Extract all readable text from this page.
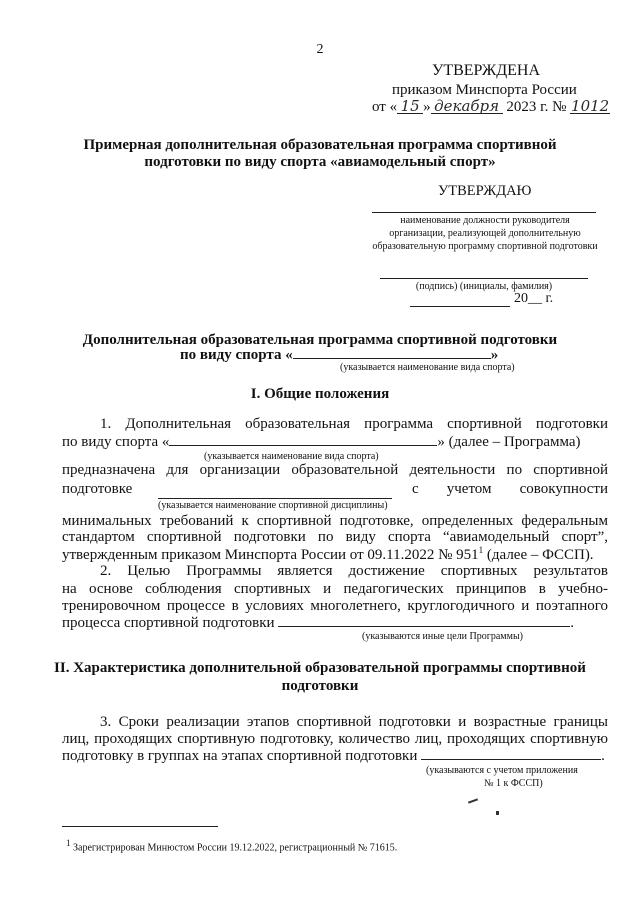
2
УТВЕРЖДЕНА
приказом Минспорта России
от « 15 » декабря 2023 г. № 1012
Примерная дополнительная образовательная программа спортивной
подготовки по виду спорта «авиамодельный спорт»
УТВЕРЖДАЮ
наименование должности руководителя
организации, реализующей дополнительную
образовательную программу спортивной подготовки
(подпись) (инициалы, фамилия)
20__ г.
Дополнительная образовательная программа спортивной подготовки
по виду спорта «	»
(указывается наименование вида спорта)
I. Общие положения
1. Дополнительная образовательная программа спортивной подготовки
по виду спорта «	» (далее – Программа)
(указывается наименование вида спорта)
предназначена для организации образовательной деятельности по спортивной
подготовке	с учетом совокупности
(указывается наименование спортивной дисциплины)
минимальных требований к спортивной подготовке, определенных федеральным
стандартом спортивной подготовки по виду спорта “авиамодельный спорт”,
утвержденным приказом Минспорта России от 09.11.2022 № $951^1$ (далее – ФССП).
2. Целью Программы является достижение спортивных результатов
на основе соблюдения спортивных и педагогических принципов в учебно-
тренировочном процессе в условиях многолетнего, круглогодичного и поэтапного
процесса спортивной подготовки	.
(указываются иные цели Программы)
II. Характеристика дополнительной образовательной программы спортивной
подготовки
3. Сроки реализации этапов спортивной подготовки и возрастные границы
лиц, проходящих спортивную подготовку, количество лиц, проходящих спортивную
подготовку в группах на этапах спортивной подготовки	.
(указываются с учетом приложения
№ 1 к ФССП)
$^1$ Зарегистрирован Минюстом России 19.12.2022, регистрационный № 71615.
